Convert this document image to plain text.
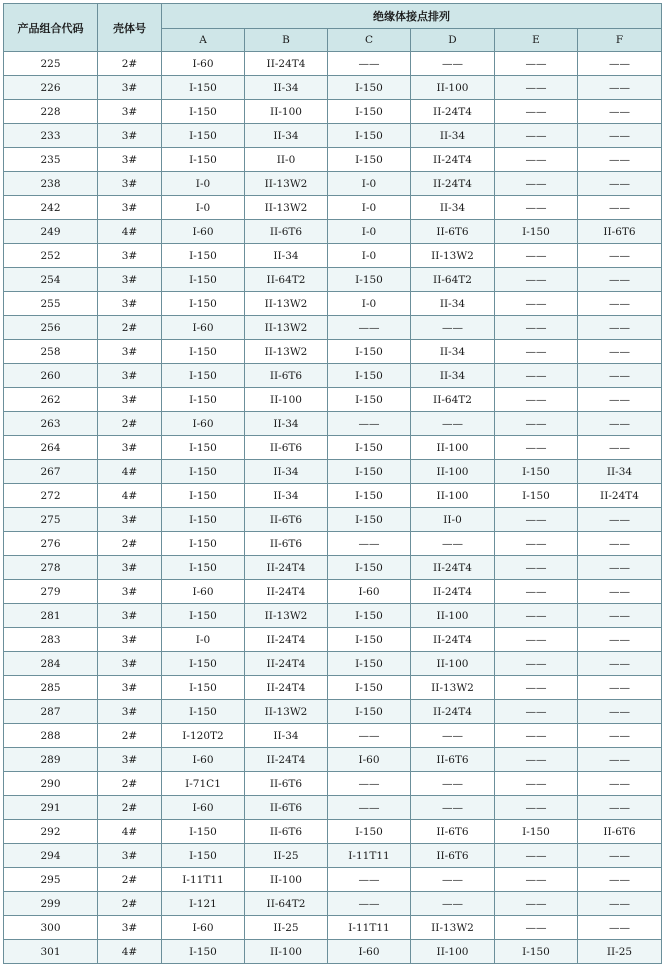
产品组合代码	壳体号	绝缘体接点排列					
		A	B	C	D	E	F
225	2#	I-60	II-24T4	——	——	——	——
226	3#	I-150	II-34	I-150	II-100	——	——
228	3#	I-150	II-100	I-150	II-24T4	——	——
233	3#	I-150	II-34	I-150	II-34	——	——
235	3#	I-150	II-0	I-150	II-24T4	——	——
238	3#	I-0	II-13W2	I-0	II-24T4	——	——
242	3#	I-0	II-13W2	I-0	II-34	——	——
249	4#	I-60	II-6T6	I-0	II-6T6	I-150	II-6T6
252	3#	I-150	II-34	I-0	II-13W2	——	——
254	3#	I-150	II-64T2	I-150	II-64T2	——	——
255	3#	I-150	II-13W2	I-0	II-34	——	——
256	2#	I-60	II-13W2	——	——	——	——
258	3#	I-150	II-13W2	I-150	II-34	——	——
260	3#	I-150	II-6T6	I-150	II-34	——	——
262	3#	I-150	II-100	I-150	II-64T2	——	——
263	2#	I-60	II-34	——	——	——	——
264	3#	I-150	II-6T6	I-150	II-100	——	——
267	4#	I-150	II-34	I-150	II-100	I-150	II-34
272	4#	I-150	II-34	I-150	II-100	I-150	II-24T4
275	3#	I-150	II-6T6	I-150	II-0	——	——
276	2#	I-150	II-6T6	——	——	——	——
278	3#	I-150	II-24T4	I-150	II-24T4	——	——
279	3#	I-60	II-24T4	I-60	II-24T4	——	——
281	3#	I-150	II-13W2	I-150	II-100	——	——
283	3#	I-0	II-24T4	I-150	II-24T4	——	——
284	3#	I-150	II-24T4	I-150	II-100	——	——
285	3#	I-150	II-24T4	I-150	II-13W2	——	——
287	3#	I-150	II-13W2	I-150	II-24T4	——	——
288	2#	I-120T2	II-34	——	——	——	——
289	3#	I-60	II-24T4	I-60	II-6T6	——	——
290	2#	I-71C1	II-6T6	——	——	——	——
291	2#	I-60	II-6T6	——	——	——	——
292	4#	I-150	II-6T6	I-150	II-6T6	I-150	II-6T6
294	3#	I-150	II-25	I-11T11	II-6T6	——	——
295	2#	I-11T11	II-100	——	——	——	——
299	2#	I-121	II-64T2	——	——	——	——
300	3#	I-60	II-25	I-11T11	II-13W2	——	——
301	4#	I-150	II-100	I-60	II-100	I-150	II-25
